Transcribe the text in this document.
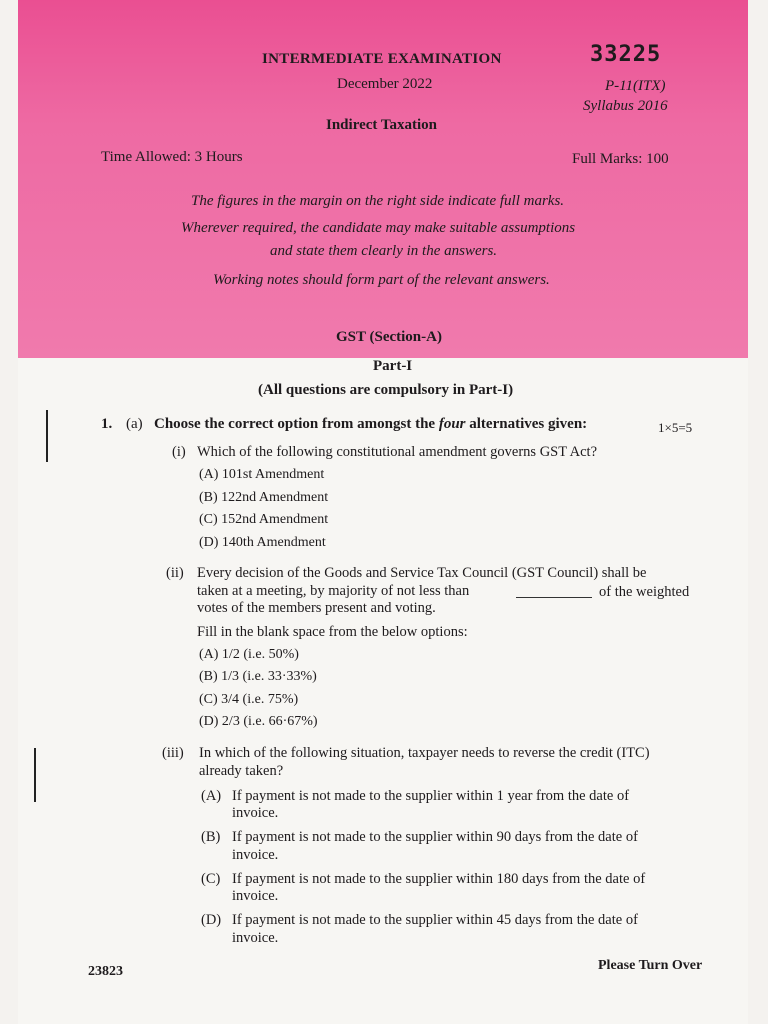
INTERMEDIATE EXAMINATION
December 2022
33225
P-11(ITX)
Syllabus 2016
Indirect Taxation
Time Allowed: 3 Hours	Full Marks: 100
The figures in the margin on the right side indicate full marks.
Wherever required, the candidate may make suitable assumptions
and state them clearly in the answers.
Working notes should form part of the relevant answers.
GST (Section-A)
Part-I
(All questions are compulsory in Part-I)
1. (a) Choose the correct option from amongst the four alternatives given:	1×5=5
(i) Which of the following constitutional amendment governs GST Act?
(A) 101st Amendment
(B) 122nd Amendment
(C) 152nd Amendment
(D) 140th Amendment
(ii) Every decision of the Goods and Service Tax Council (GST Council) shall be
taken at a meeting, by majority of not less than	of the weighted
votes of the members present and voting.
Fill in the blank space from the below options:
(A) 1/2 (i.e. 50%)
(B) 1/3 (i.e. 33·33%)
(C) 3/4 (i.e. 75%)
(D) 2/3 (i.e. 66·67%)
(iii) In which of the following situation, taxpayer needs to reverse the credit (ITC)
already taken?
(A) If payment is not made to the supplier within 1 year from the date of
invoice.
(B) If payment is not made to the supplier within 90 days from the date of
invoice.
(C) If payment is not made to the supplier within 180 days from the date of
invoice.
(D) If payment is not made to the supplier within 45 days from the date of
invoice.
23823	Please Turn Over
